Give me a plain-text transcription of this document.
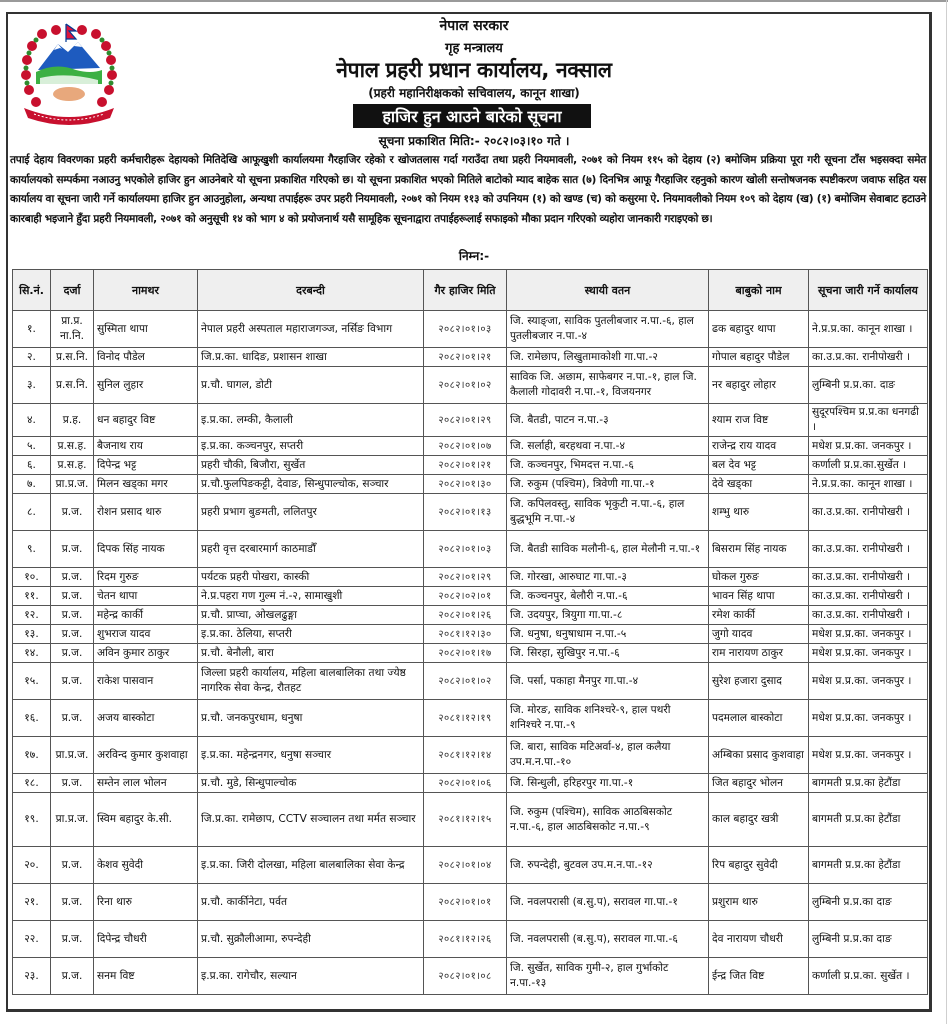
नेपाल सरकार
गृह मन्त्रालय
नेपाल प्रहरी प्रधान कार्यालय, नक्साल
(प्रहरी महानिरीक्षकको सचिवालय, कानून शाखा)
हाजिर हुन आउने बारेको सूचना
सूचना प्रकाशित मिति:- २०८२।०३।१० गते ।
तपाई देहाय विवरणका प्रहरी कर्मचारीहरू देहायको मितिदेखि आफूखुशी कार्यालयमा गैरहाजिर रहेको र खोजतलास गर्दा गराउँदा तथा प्रहरी नियमावली, २०७१ को नियम ११५ को देहाय (२) बमोजिम प्रक्रिया पूरा गरी सूचना टाँस भइसक्दा समेत कार्यालयको सम्पर्कमा नआउनु भएकोले हाजिर हुन आउनेबारे यो सूचना प्रकाशित गरिएको छ। यो सूचना प्रकाशित भएको मितिले बाटोको म्याद बाहेक सात (७) दिनभित्र आफू गैरहाजिर रहनुको कारण खोली सन्तोषजनक स्पष्टीकरण जवाफ सहित यस कार्यालय वा सूचना जारी गर्ने कार्यालयमा हाजिर हुन आउनुहोला, अन्यथा तपाईहरू उपर प्रहरी नियमावली, २०७१ को नियम ११३ को उपनियम (१) को खण्ड (च) को कसुरमा ऐ. नियमावलीको नियम १०९ को देहाय (ख) (१) बमोजिम सेवाबाट हटाउने कारबाही भइजाने हुँदा प्रहरी नियमावली, २०७१ को अनुसूची १४ को भाग ४ को प्रयोजनार्थ यसै सामूहिक सूचनाद्वारा तपाईहरूलाई सफाइको मौका प्रदान गरिएको व्यहोरा जानकारी गराइएको छ।
निम्न:-
सि.नं.	दर्जा	नामथर	दरबन्दी	गैर हाजिर मिति	स्थायी वतन	बाबुको नाम	सूचना जारी गर्ने कार्यालय
१.	प्रा.प्र. ना.नि.	सुस्मिता थापा	नेपाल प्रहरी अस्पताल महाराजगञ्ज, नर्सिङ विभाग	२०८२।०१।०३	जि. स्याङ्जा, साविक पुतलीबजार न.पा.-६, हाल पुतलीबजार न.पा.-४	ढक बहादुर थापा	ने.प्र.प्र.का. कानून शाखा ।
२.	प्र.स.नि.	विनोद पौडेल	जि.प्र.का. धादिङ, प्रशासन शाखा	२०८२।०१।२१	जि. रामेछाप, लिखुतामाकोशी गा.पा.-२	गोपाल बहादुर पौडेल	का.उ.प्र.का. रानीपोखरी ।
३.	प्र.स.नि.	सुनिल लुहार	प्र.चौ. घागल, डोटी	२०८२।०१।०२	साविक जि. अछाम, साफेबगर न.पा.-१, हाल जि. कैलाली गोदावरी न.पा.-१, विजयनगर	नर बहादुर लोहार	लुम्बिनी प्र.प्र.का. दाङ
४.	प्र.ह.	धन बहादुर विष्ट	इ.प्र.का. लम्की, कैलाली	२०८२।०१।२९	जि. बैतडी, पाटन न.पा.-३	श्याम राज विष्ट	सुदूरपश्चिम प्र.प्र.का धनगढी ।
५.	प्र.स.ह.	बैजनाथ राय	इ.प्र.का. कञ्चनपुर, सप्तरी	२०८२।०१।०७	जि. सर्लाही, बरहथवा न.पा.-४	राजेन्द्र राय यादव	मधेश प्र.प्र.का. जनकपुर ।
६.	प्र.स.ह.	दिपेन्द्र भट्ट	प्रहरी चौकी, बिजौरा, सुर्खेत	२०८२।०१।२१	जि. कञ्चनपुर, भिमदत्त न.पा.-६	बल देव भट्ट	कर्णाली प्र.प्र.का.सुर्खेत ।
७.	प्रा.प्र.ज.	मिलन खड्का मगर	प्र.चौ.फुलपिङकट्टी, देवाङ, सिन्धुपाल्चोक, सञ्चार	२०८२।०१।३०	जि. रुकुम (पश्चिम), त्रिवेणी गा.पा.-१	देवे खड्का	ने.प्र.प्र.का. कानून शाखा ।
८.	प्र.ज.	रोशन प्रसाद थारु	प्रहरी प्रभाग बुङमती, ललितपुर	२०८२।०१।१३	जि. कपिलवस्तु, साविक भृकुटी न.पा.-६, हाल बुद्धभूमि न.पा.-४	शम्भु थारु	का.उ.प्र.का. रानीपोखरी ।
९.	प्र.ज.	दिपक सिंह नायक	प्रहरी वृत्त दरबारमार्ग काठमाडौँ	२०८२।०१।०३	जि. बैतडी साविक मलौनी-६, हाल मेलौनी न.पा.-१	बिसराम सिंह नायक	का.उ.प्र.का. रानीपोखरी ।
१०.	प्र.ज.	रिदम गुरुङ	पर्यटक प्रहरी पोखरा, कास्की	२०८२।०१।२९	जि. गोरखा, आरुघाट गा.पा.-३	घोकल गुरुङ	का.उ.प्र.का. रानीपोखरी ।
११.	प्र.ज.	चेतन थापा	ने.प्र.पहरा गण गुल्म नं.-२, सामाखुशी	२०८२।०२।०१	जि. कञ्चनपुर, बेलौरी न.पा.-६	भावन सिंह थापा	का.उ.प्र.का. रानीपोखरी ।
१२.	प्र.ज.	महेन्द्र कार्की	प्र.चौ. प्राप्चा, ओखलढुङ्गा	२०८२।०१।२६	जि. उदयपुर, त्रियुगा गा.पा.-८	रमेश कार्की	का.उ.प्र.का. रानीपोखरी ।
१३.	प्र.ज.	शुभराज यादव	इ.प्र.का. ठेलिया, सप्तरी	२०८१।१२।३०	जि. धनुषा, धनुषाधाम न.पा.-५	जुगो यादव	मधेश प्र.प्र.का. जनकपुर ।
१४.	प्र.ज.	अविन कुमार ठाकुर	प्र.चौ. बेनौली, बारा	२०८२।०१।१७	जि. सिरहा, सुखिपुर न.पा.-६	राम नारायण ठाकुर	मधेश प्र.प्र.का. जनकपुर ।
१५.	प्र.ज.	राकेश पासवान	जिल्ला प्रहरी कार्यालय, महिला बालबालिका तथा ज्येष्ठ नागरिक सेवा केन्द्र, रौतहट	२०८२।०१।०२	जि. पर्सा, पकाहा मैनपुर गा.पा.-४	सुरेश हजारा दुसाद	मधेश प्र.प्र.का. जनकपुर ।
१६.	प्र.ज.	अजय बास्कोटा	प्र.चौ. जनकपुरधाम, धनुषा	२०८१।१२।१९	जि. मोरङ, साविक शनिश्चरे-९, हाल पथरी शनिश्चरे न.पा.-९	पदमलाल बास्कोटा	मधेश प्र.प्र.का. जनकपुर ।
१७.	प्रा.प्र.ज.	अरविन्द कुमार कुशवाहा	इ.प्र.का. महेन्द्रनगर, धनुषा सञ्चार	२०८१।१२।१४	जि. बारा, साविक मटिअर्वा-४, हाल कलैया उप.म.न.पा.-१०	अम्बिका प्रसाद कुशवाहा	मधेश प्र.प्र.का. जनकपुर ।
१८.	प्र.ज.	सम्तेन लाल भोलन	प्र.चौ. मुडे, सिन्धुपाल्चोक	२०८२।०१।०६	जि. सिन्धुली, हरिहरपुर गा.पा.-१	जित बहादुर भोलन	बागमती प्र.प्र.का हेटौंडा
१९.	प्रा.प्र.ज.	स्विम बहादुर के.सी.	जि.प्र.का. रामेछाप, CCTV सञ्चालन तथा मर्मत सञ्चार	२०८१।१२।१५	जि. रुकुम (पश्चिम), साविक आठबिसकोट न.पा.-६, हाल आठबिसकोट न.पा.-९	काल बहादुर खत्री	बागमती प्र.प्र.का हेटौंडा
२०.	प्र.ज.	केशव सुवेदी	इ.प्र.का. जिरी दोलखा, महिला बालबालिका सेवा केन्द्र	२०८२।०१।०४	जि. रुपन्देही, बुटवल उप.म.न.पा.-१२	रिप बहादुर सुवेदी	बागमती प्र.प्र.का हेटौंडा
२१.	प्र.ज.	रिना थारु	प्र.चौ. कार्कीनेटा, पर्वत	२०८२।०१।०१	जि. नवलपरासी (ब.सु.प), सरावल गा.पा.-१	प्रशुराम थारु	लुम्बिनी प्र.प्र.का दाङ
२२.	प्र.ज.	दिपेन्द्र चौधरी	प्र.चौ. सुक्रौलीआमा, रुपन्देही	२०८१।१२।२६	जि. नवलपरासी (ब.सु.प), सरावल गा.पा.-६	देव नारायण चौधरी	लुम्बिनी प्र.प्र.का दाङ
२३.	प्र.ज.	सनम विष्ट	इ.प्र.का. रागेचौर, सल्यान	२०८२।०१।०८	जि. सुर्खेत, साविक गुमी-२, हाल गुर्भाकोट न.पा.-१३	ईन्द्र जित विष्ट	कर्णाली प्र.प्र.का. सुर्खेत ।
